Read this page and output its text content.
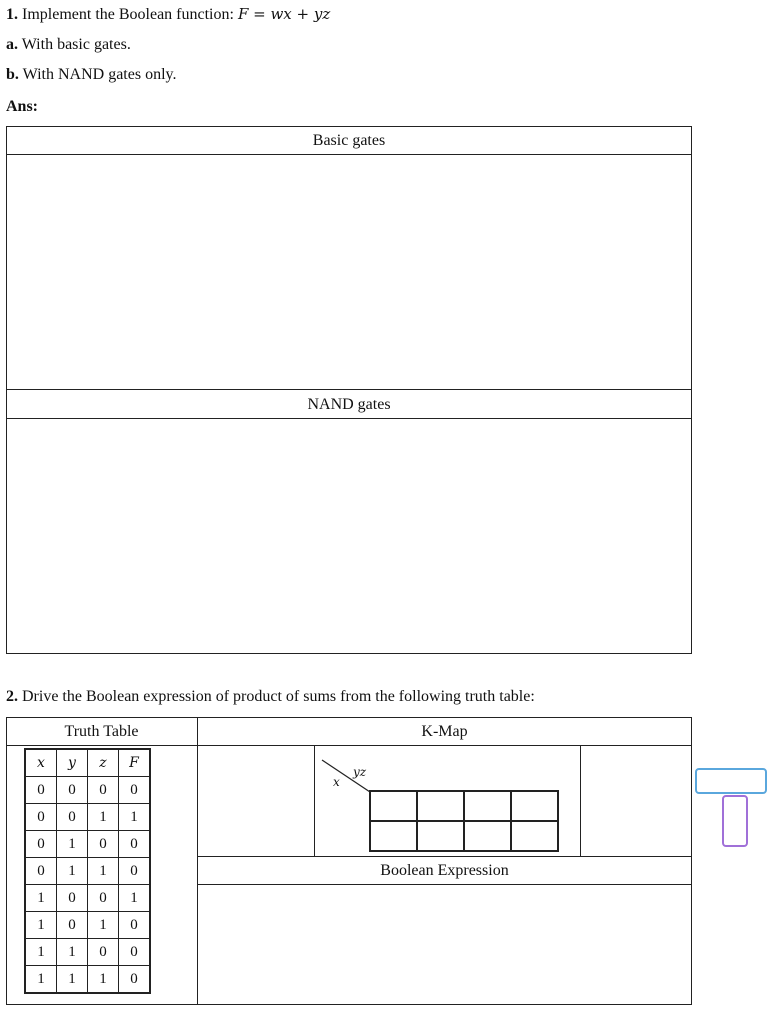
1. Implement the Boolean function: F = wx + yz
a. With basic gates.
b. With NAND gates only.
Ans:
Basic gates
NAND gates
2. Drive the Boolean expression of product of sums from the following truth table:
Truth Table	K-Map
yz
x

Boolean Expression
x	y	z	F
0	0	0	0
0	0	1	1
0	1	0	0
0	1	1	0
1	0	0	1
1	0	1	0
1	1	0	0
1	1	1	0
